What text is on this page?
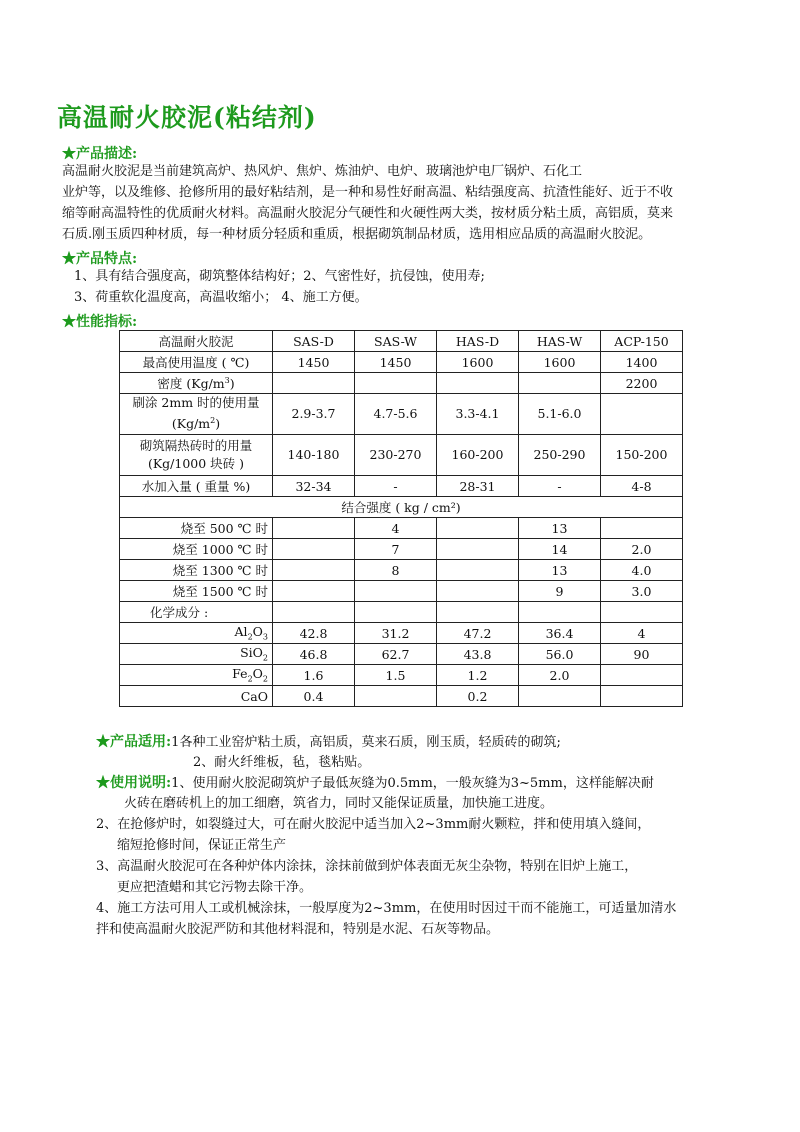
高温耐火胶泥(粘结剂)
★产品描述:
高温耐火胶泥是当前建筑高炉、热风炉、焦炉、炼油炉、电炉、玻璃池炉电厂锅炉、石化工
业炉等，以及维修、抢修所用的最好粘结剂，是一种和易性好耐高温、粘结强度高、抗渣性能好、近于不收
缩等耐高温特性的优质耐火材料。高温耐火胶泥分气硬性和火硬性两大类，按材质分粘土质，高铝质，莫来
石质.刚玉质四种材质，每一种材质分轻质和重质，根据砌筑制品材质，选用相应品质的高温耐火胶泥。
★产品特点:
1、具有结合强度高，砌筑整体结构好；2、气密性好，抗侵蚀，使用寿;
3、荷重软化温度高，高温收缩小； 4、施工方便。
★性能指标:
高温耐火胶泥	SAS-D	SAS-W	HAS-D	HAS-W	ACP-150
最高使用温度 ( ℃)	1450	1450	1600	1600	1400
密度 $(Kg/m^3)$					2200
刷涂 2mm 时的使用量
$(Kg/m^2)$	2.9-3.7	4.7-5.6	3.3-4.1	5.1-6.0	
砌筑隔热砖时的用量
(Kg/1000 块砖 )	140-180	230-270	160-200	250-290	150-200
水加入量 ( 重量 %)	32-34	-	28-31	-	4-8
结合强度 ( kg / cm²)					
烧至 500 ℃ 时		4		13	
烧至 1000 ℃ 时		7		14	2.0
烧至 1300 ℃ 时		8		13	4.0
烧至 1500 ℃ 时				9	3.0
化学成分 :					
$Al_2O_3$	42.8	31.2	47.2	36.4	4
SiO$_2$	46.8	62.7	43.8	56.0	90
$Fe_2O_2$	1.6	1.5	1.2	2.0	
CaO	0.4		0.2		
★产品适用:1各种工业窑炉粘土质，高铝质，莫来石质，刚玉质，轻质砖的砌筑;
2、耐火纤维板，毡，毯粘贴。
★使用说明:1、使用耐火胶泥砌筑炉子最低灰缝为0.5mm，一般灰缝为3~5mm，这样能解决耐
火砖在磨砖机上的加工细磨，筑省力，同时又能保证质量，加快施工进度。
2、在抢修炉时，如裂缝过大，可在耐火胶泥中适当加入2~3mm耐火颗粒，拌和使用填入缝间，
缩短抢修时间，保证正常生产
3、高温耐火胶泥可在各种炉体内涂抹，涂抹前做到炉体表面无灰尘杂物，特别在旧炉上施工，
更应把渣蜡和其它污物去除干净。
4、施工方法可用人工或机械涂抹，一般厚度为2~3mm，在使用时因过干而不能施工，可适量加清水
拌和使高温耐火胶泥严防和其他材料混和，特别是水泥、石灰等物品。
